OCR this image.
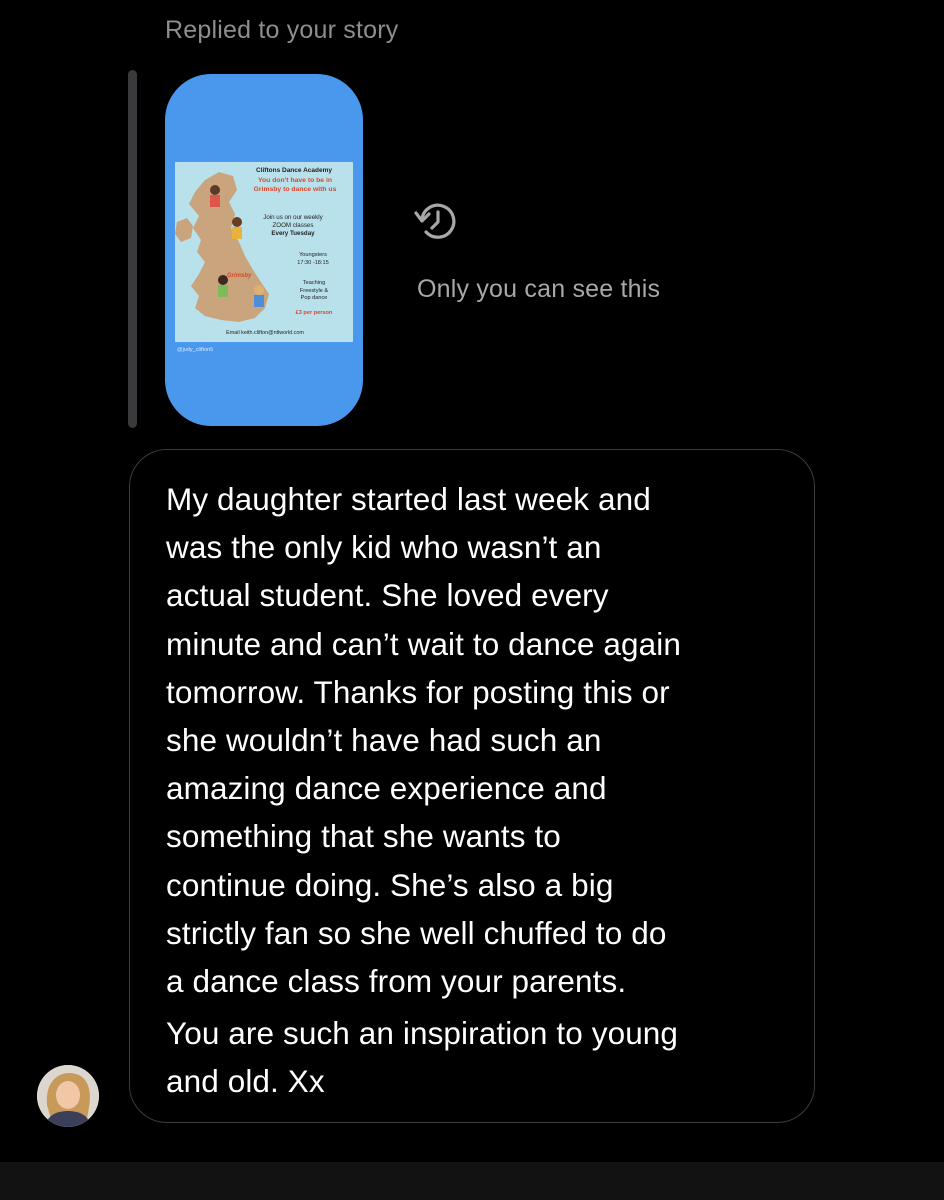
Replied to your story
Cliftons Dance Academy
You don't have to be in
Grimsby to dance with us
Join us on our weekly
ZOOM classes
Every Tuesday
Youngsters
17:30 -18:15
Teaching
Freestyle &
Pop dance
£3 per person
Grimsby
Email keith.clifton@ntlworld.com
@judy_clifton5
Only you can see this
My daughter started last week and
was the only kid who wasn’t an
actual student. She loved every
minute and can’t wait to dance again
tomorrow. Thanks for posting this or
she wouldn’t have had such an
amazing dance experience and
something that she wants to
continue doing. She’s also a big
strictly fan so she well chuffed to do
a dance class from your parents.
You are such an inspiration to young
and old. Xx
